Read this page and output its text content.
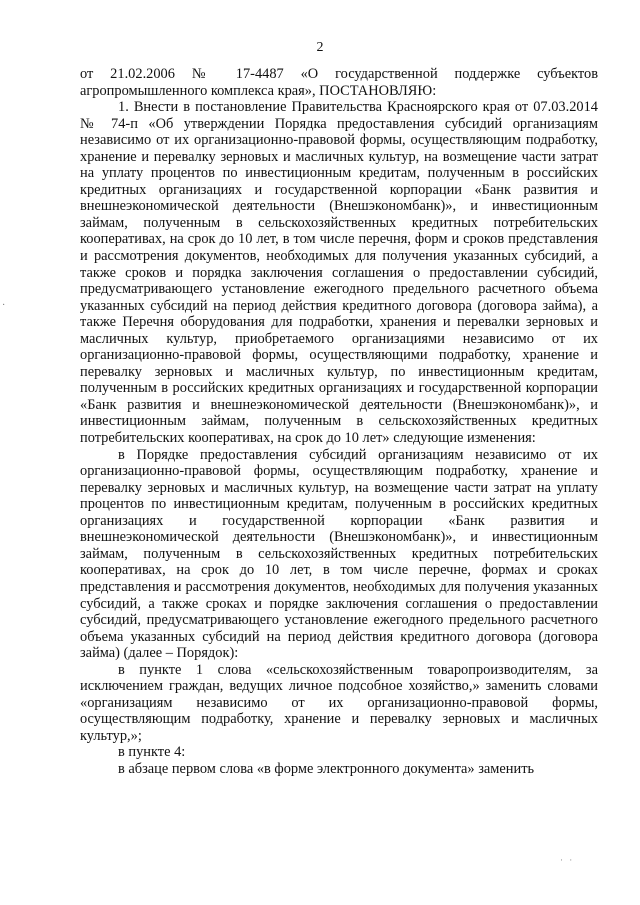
2
·

от 21.02.2006 № 17-4487 «О государственной поддержке субъектов агропромышленного комплекса края», ПОСТАНОВЛЯЮ:

1. Внести в постановление Правительства Красноярского края от 07.03.2014 № 74-п «Об утверждении Порядка предоставления субсидий организациям независимо от их организационно-правовой формы, осуществляющим подработку, хранение и перевалку зерновых и масличных культур, на возмещение части затрат на уплату процентов по инвестиционным кредитам, полученным в российских кредитных организациях и государственной корпорации «Банк развития и внешнеэкономической деятельности (Внешэкономбанк)», и инвестиционным займам, полученным в сельскохозяйственных кредитных потребительских кооперативах, на срок до 10 лет, в том числе перечня, форм и сроков представления и рассмотрения документов, необходимых для получения указанных субсидий, а также сроков и порядка заключения соглашения о предоставлении субсидий, предусматривающего установление ежегодного предельного расчетного объема указанных субсидий на период действия кредитного договора (договора займа), а также Перечня оборудования для подработки, хранения и перевалки зерновых и масличных культур, приобретаемого организациями независимо от их организационно-правовой формы, осуществляющими подработку, хранение и перевалку зерновых и масличных культур, по инвестиционным кредитам, полученным в российских кредитных организациях и государственной корпорации «Банк развития и внешнеэкономической деятельности (Внешэкономбанк)», и инвестиционным займам, полученным в сельскохозяйственных кредитных потребительских кооперативах, на срок до 10 лет» следующие изменения:

в Порядке предоставления субсидий организациям независимо от их организационно-правовой формы, осуществляющим подработку, хранение и перевалку зерновых и масличных культур, на возмещение части затрат на уплату процентов по инвестиционным кредитам, полученным в российских кредитных организациях и государственной корпорации «Банк развития и внешнеэкономической деятельности (Внешэкономбанк)», и инвестиционным займам, полученным в сельскохозяйственных кредитных потребительских кооперативах, на срок до 10 лет, в том числе перечне, формах и сроках представления и рассмотрения документов, необходимых для получения указанных субсидий, а также сроках и порядке заключения соглашения о предоставлении субсидий, предусматривающего установление ежегодного предельного расчетного объема указанных субсидий на период действия кредитного договора (договора займа) (далее – Порядок):

в пункте 1 слова «сельскохозяйственным товаропроизводителям, за исключением граждан, ведущих личное подсобное хозяйство,» заменить словами «организациям независимо от их организационно-правовой формы, осуществляющим подработку, хранение и перевалку зерновых и масличных культур,»;

в пункте 4:

в абзаце первом слова «в форме электронного документа» заменить

· ·
